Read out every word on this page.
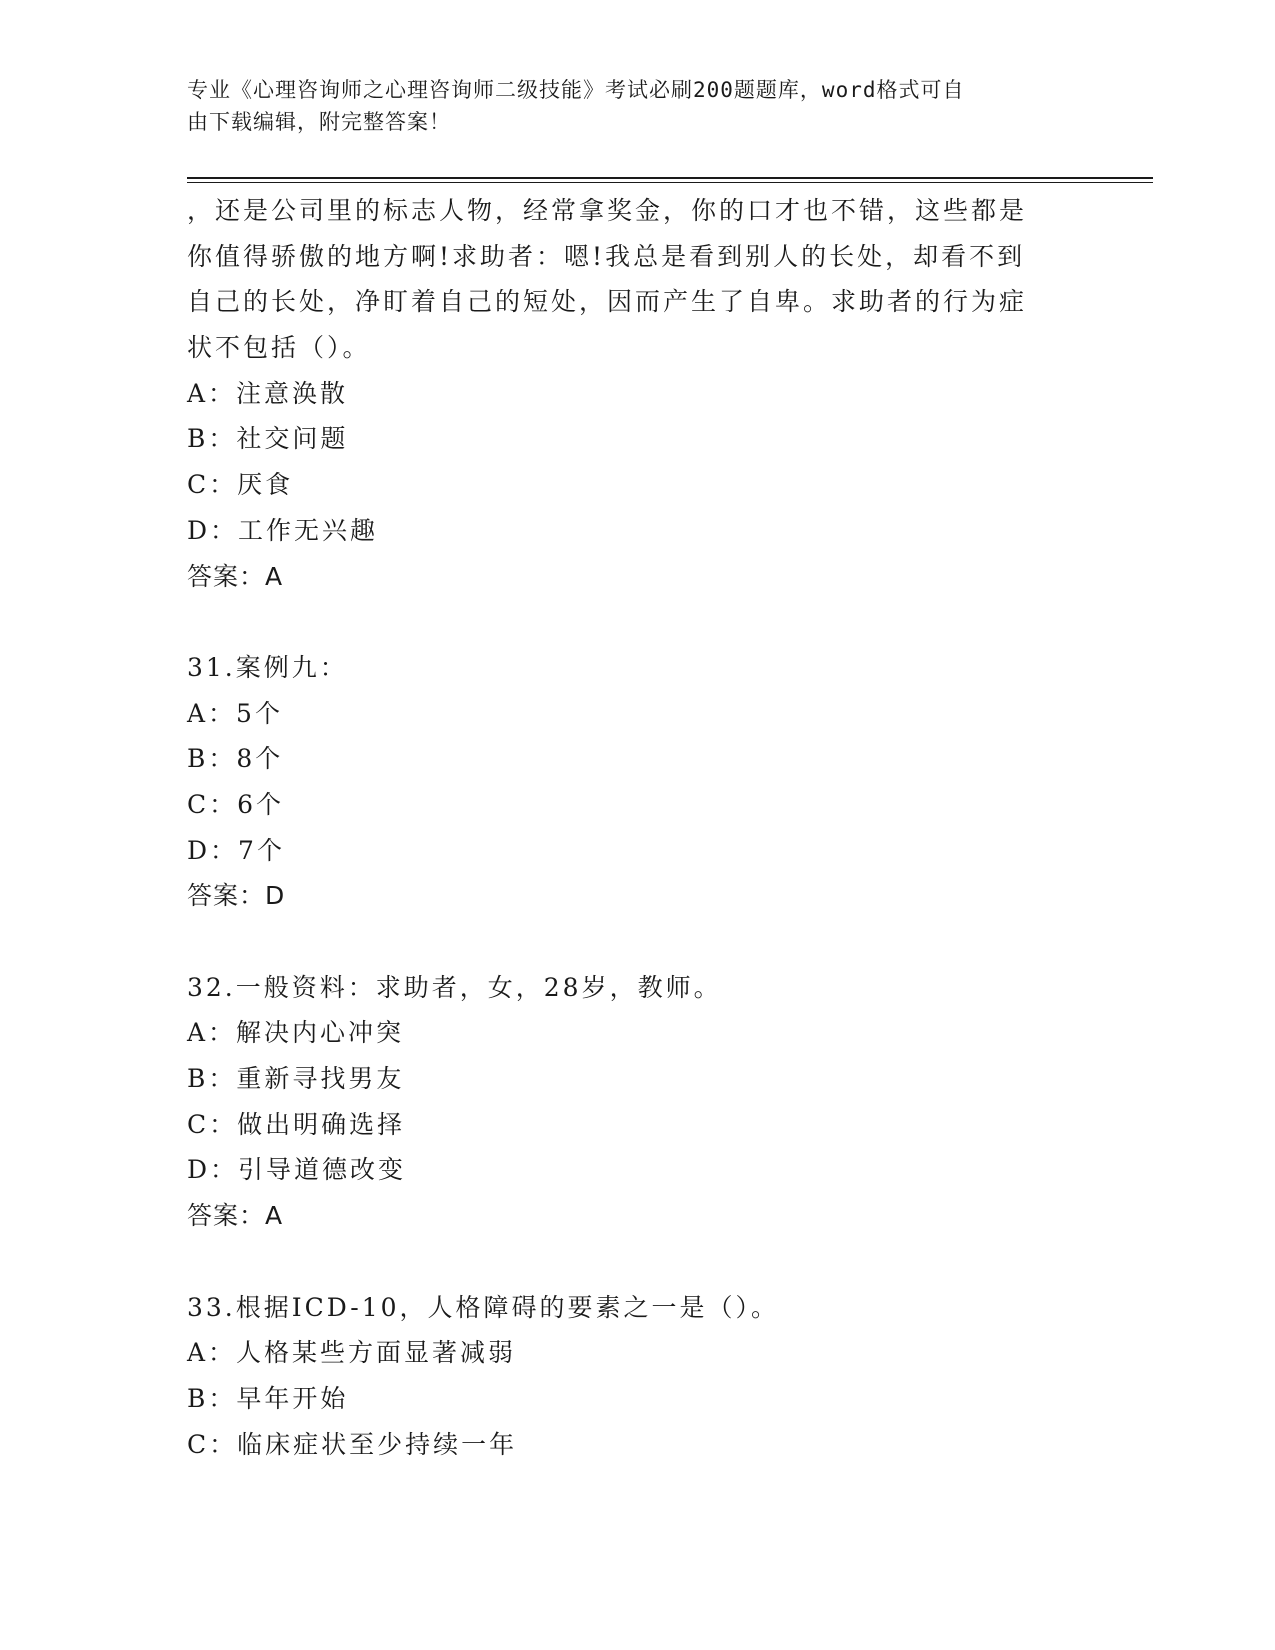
专业《心理咨询师之心理咨询师二级技能》考试必刷200题题库，word格式可自
由下载编辑，附完整答案！
，还是公司里的标志人物，经常拿奖金，你的口才也不错，这些都是
你值得骄傲的地方啊!求助者：嗯!我总是看到别人的长处，却看不到
自己的长处，净盯着自己的短处，因而产生了自卑。求助者的行为症
状不包括（）。
A：注意涣散
B：社交问题
C：厌食
D：工作无兴趣
答案：A
31.案例九：
A：5个
B：8个
C：6个
D：7个
答案：D
32.一般资料：求助者，女，28岁，教师。
A：解决内心冲突
B：重新寻找男友
C：做出明确选择
D：引导道德改变
答案：A
33.根据ICD-10，人格障碍的要素之一是（）。
A：人格某些方面显著减弱
B：早年开始
C：临床症状至少持续一年
